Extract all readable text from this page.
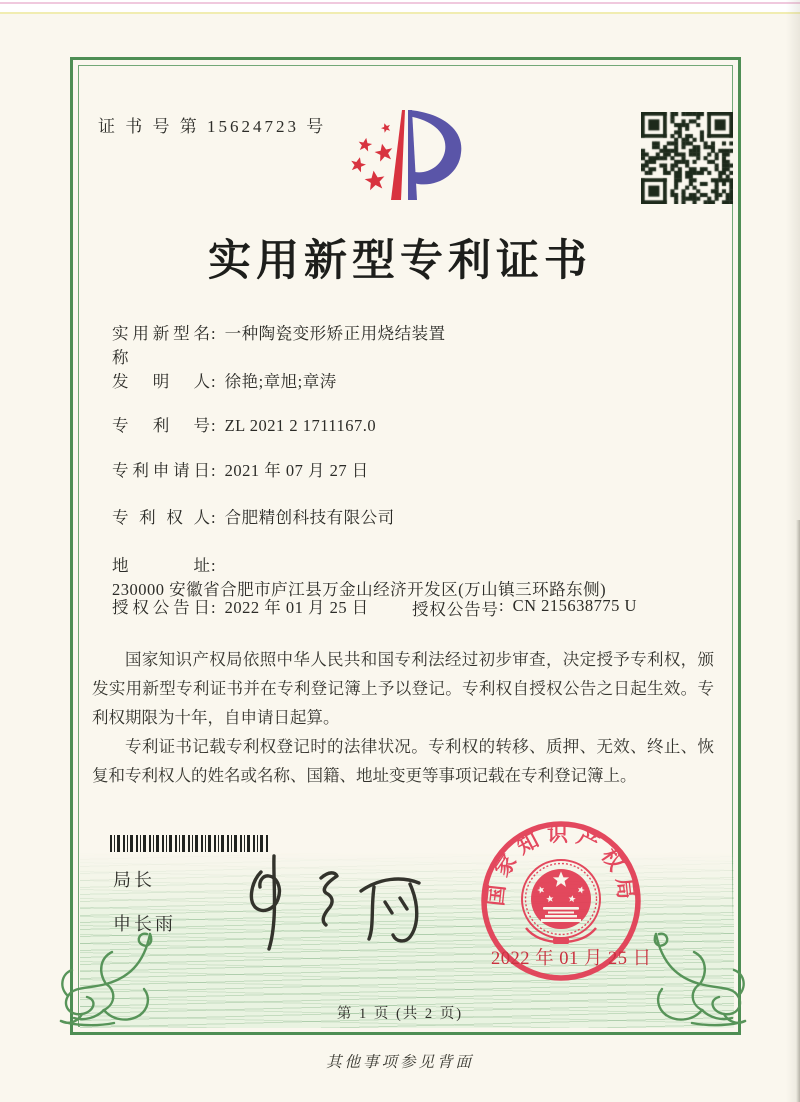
证 书 号 第 15624723 号
实用新型专利证书
实用新型名称: 一种陶瓷变形矫正用烧结装置
发明人: 徐艳;章旭;章涛
专利号: ZL 2021 2 1711167.0
专利申请日: 2021 年 07 月 27 日
专利权人: 合肥精创科技有限公司
地址:230000 安徽省合肥市庐江县万金山经济开发区(万山镇三环路东侧)
授权公告日: 2022 年 01 月 25 日	授权公告号: CN 215638775 U

国家知识产权局依照中华人民共和国专利法经过初步审查，决定授予专利权，颁发实用新型专利证书并在专利登记簿上予以登记。专利权自授权公告之日起生效。专利权期限为十年，自申请日起算。

专利证书记载专利权登记时的法律状况。专利权的转移、质押、无效、终止、恢复和专利权人的姓名或名称、国籍、地址变更等事项记载在专利登记簿上。

局长
申长雨
国家知识产权局
2022 年 01 月 25 日
第 1 页 (共 2 页)
其他事项参见背面
